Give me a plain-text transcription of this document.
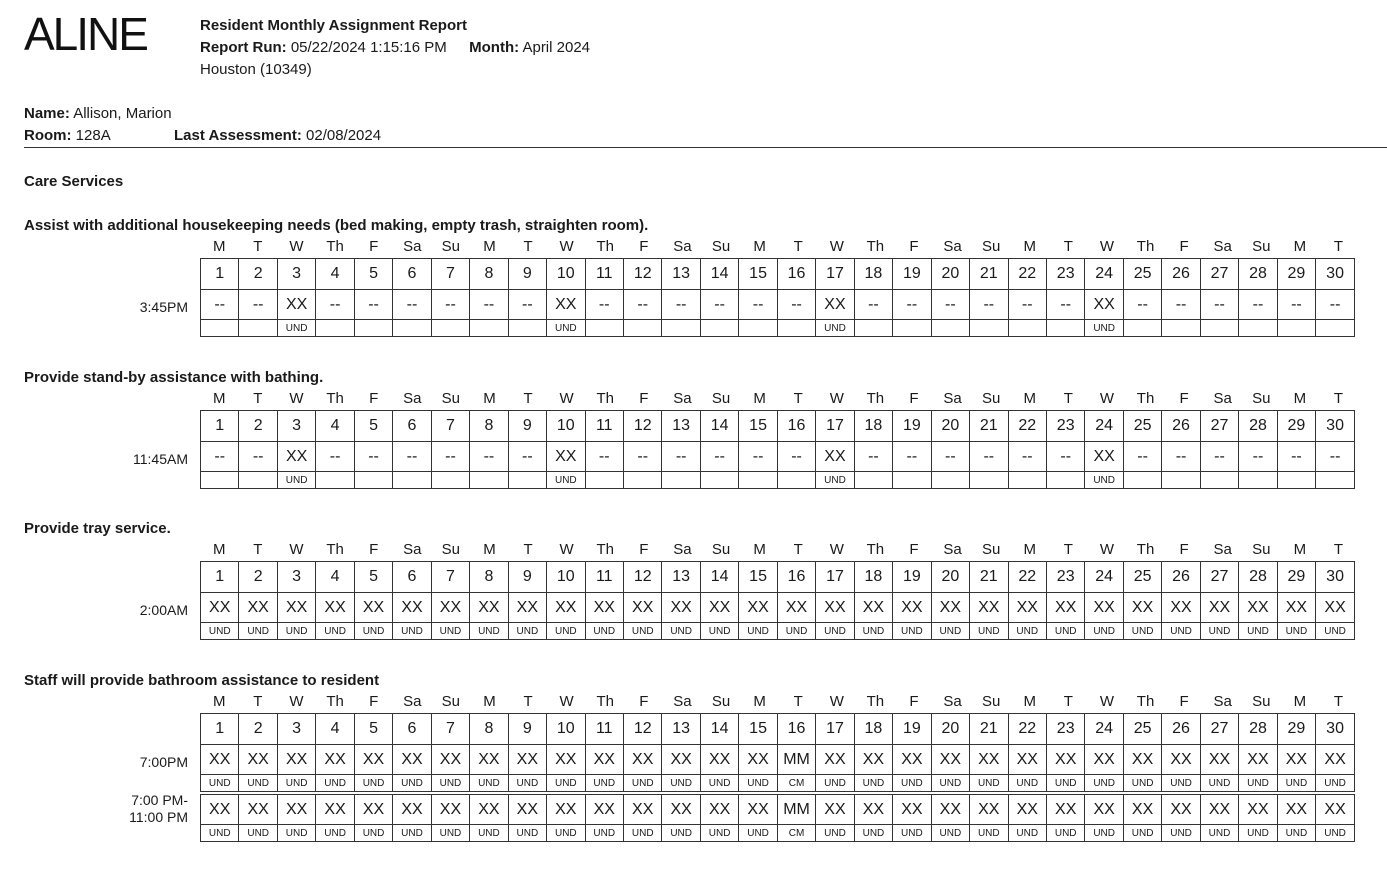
ALINE	Resident Monthly Assignment Report
Report Run: 05/22/2024 1:15:16 PM Month: April 2024
Houston (10349)
Name: Allison, Marion
Room: 128A	Last Assessment: 02/08/2024
Care Services
Assist with additional housekeeping needs (bed making, empty trash, straighten room).
M	T	W	Th	F	Sa	Su	M	T	W	Th	F	Sa	Su	M	T	W	Th	F	Sa	Su	M	T	W	Th	F	Sa	Su	M	T
1	2	3	4	5	6	7	8	9	10	11	12	13	14	15	16	17	18	19	20	21	22	23	24	25	26	27	28	29	30
--	--	XX	--	--	--	--	--	--	XX	--	--	--	--	--	--	XX	--	--	--	--	--	--	XX	--	--	--	--	--	--
		UND							UND							UND							UND						
3:45PM
Provide stand-by assistance with bathing.
M	T	W	Th	F	Sa	Su	M	T	W	Th	F	Sa	Su	M	T	W	Th	F	Sa	Su	M	T	W	Th	F	Sa	Su	M	T
1	2	3	4	5	6	7	8	9	10	11	12	13	14	15	16	17	18	19	20	21	22	23	24	25	26	27	28	29	30
--	--	XX	--	--	--	--	--	--	XX	--	--	--	--	--	--	XX	--	--	--	--	--	--	XX	--	--	--	--	--	--
		UND							UND							UND							UND						
11:45AM
Provide tray service.
M	T	W	Th	F	Sa	Su	M	T	W	Th	F	Sa	Su	M	T	W	Th	F	Sa	Su	M	T	W	Th	F	Sa	Su	M	T
1	2	3	4	5	6	7	8	9	10	11	12	13	14	15	16	17	18	19	20	21	22	23	24	25	26	27	28	29	30
XX	XX	XX	XX	XX	XX	XX	XX	XX	XX	XX	XX	XX	XX	XX	XX	XX	XX	XX	XX	XX	XX	XX	XX	XX	XX	XX	XX	XX	XX
UND	UND	UND	UND	UND	UND	UND	UND	UND	UND	UND	UND	UND	UND	UND	UND	UND	UND	UND	UND	UND	UND	UND	UND	UND	UND	UND	UND	UND	UND
2:00AM
Staff will provide bathroom assistance to resident
M	T	W	Th	F	Sa	Su	M	T	W	Th	F	Sa	Su	M	T	W	Th	F	Sa	Su	M	T	W	Th	F	Sa	Su	M	T
1	2	3	4	5	6	7	8	9	10	11	12	13	14	15	16	17	18	19	20	21	22	23	24	25	26	27	28	29	30
XX	XX	XX	XX	XX	XX	XX	XX	XX	XX	XX	XX	XX	XX	XX	MM	XX	XX	XX	XX	XX	XX	XX	XX	XX	XX	XX	XX	XX	XX
UND	UND	UND	UND	UND	UND	UND	UND	UND	UND	UND	UND	UND	UND	UND	CM	UND	UND	UND	UND	UND	UND	UND	UND	UND	UND	UND	UND	UND	UND

XX	XX	XX	XX	XX	XX	XX	XX	XX	XX	XX	XX	XX	XX	XX	MM	XX	XX	XX	XX	XX	XX	XX	XX	XX	XX	XX	XX	XX	XX
UND	UND	UND	UND	UND	UND	UND	UND	UND	UND	UND	UND	UND	UND	UND	CM	UND	UND	UND	UND	UND	UND	UND	UND	UND	UND	UND	UND	UND	UND
7:00PM
7:00 PM-
11:00 PM
